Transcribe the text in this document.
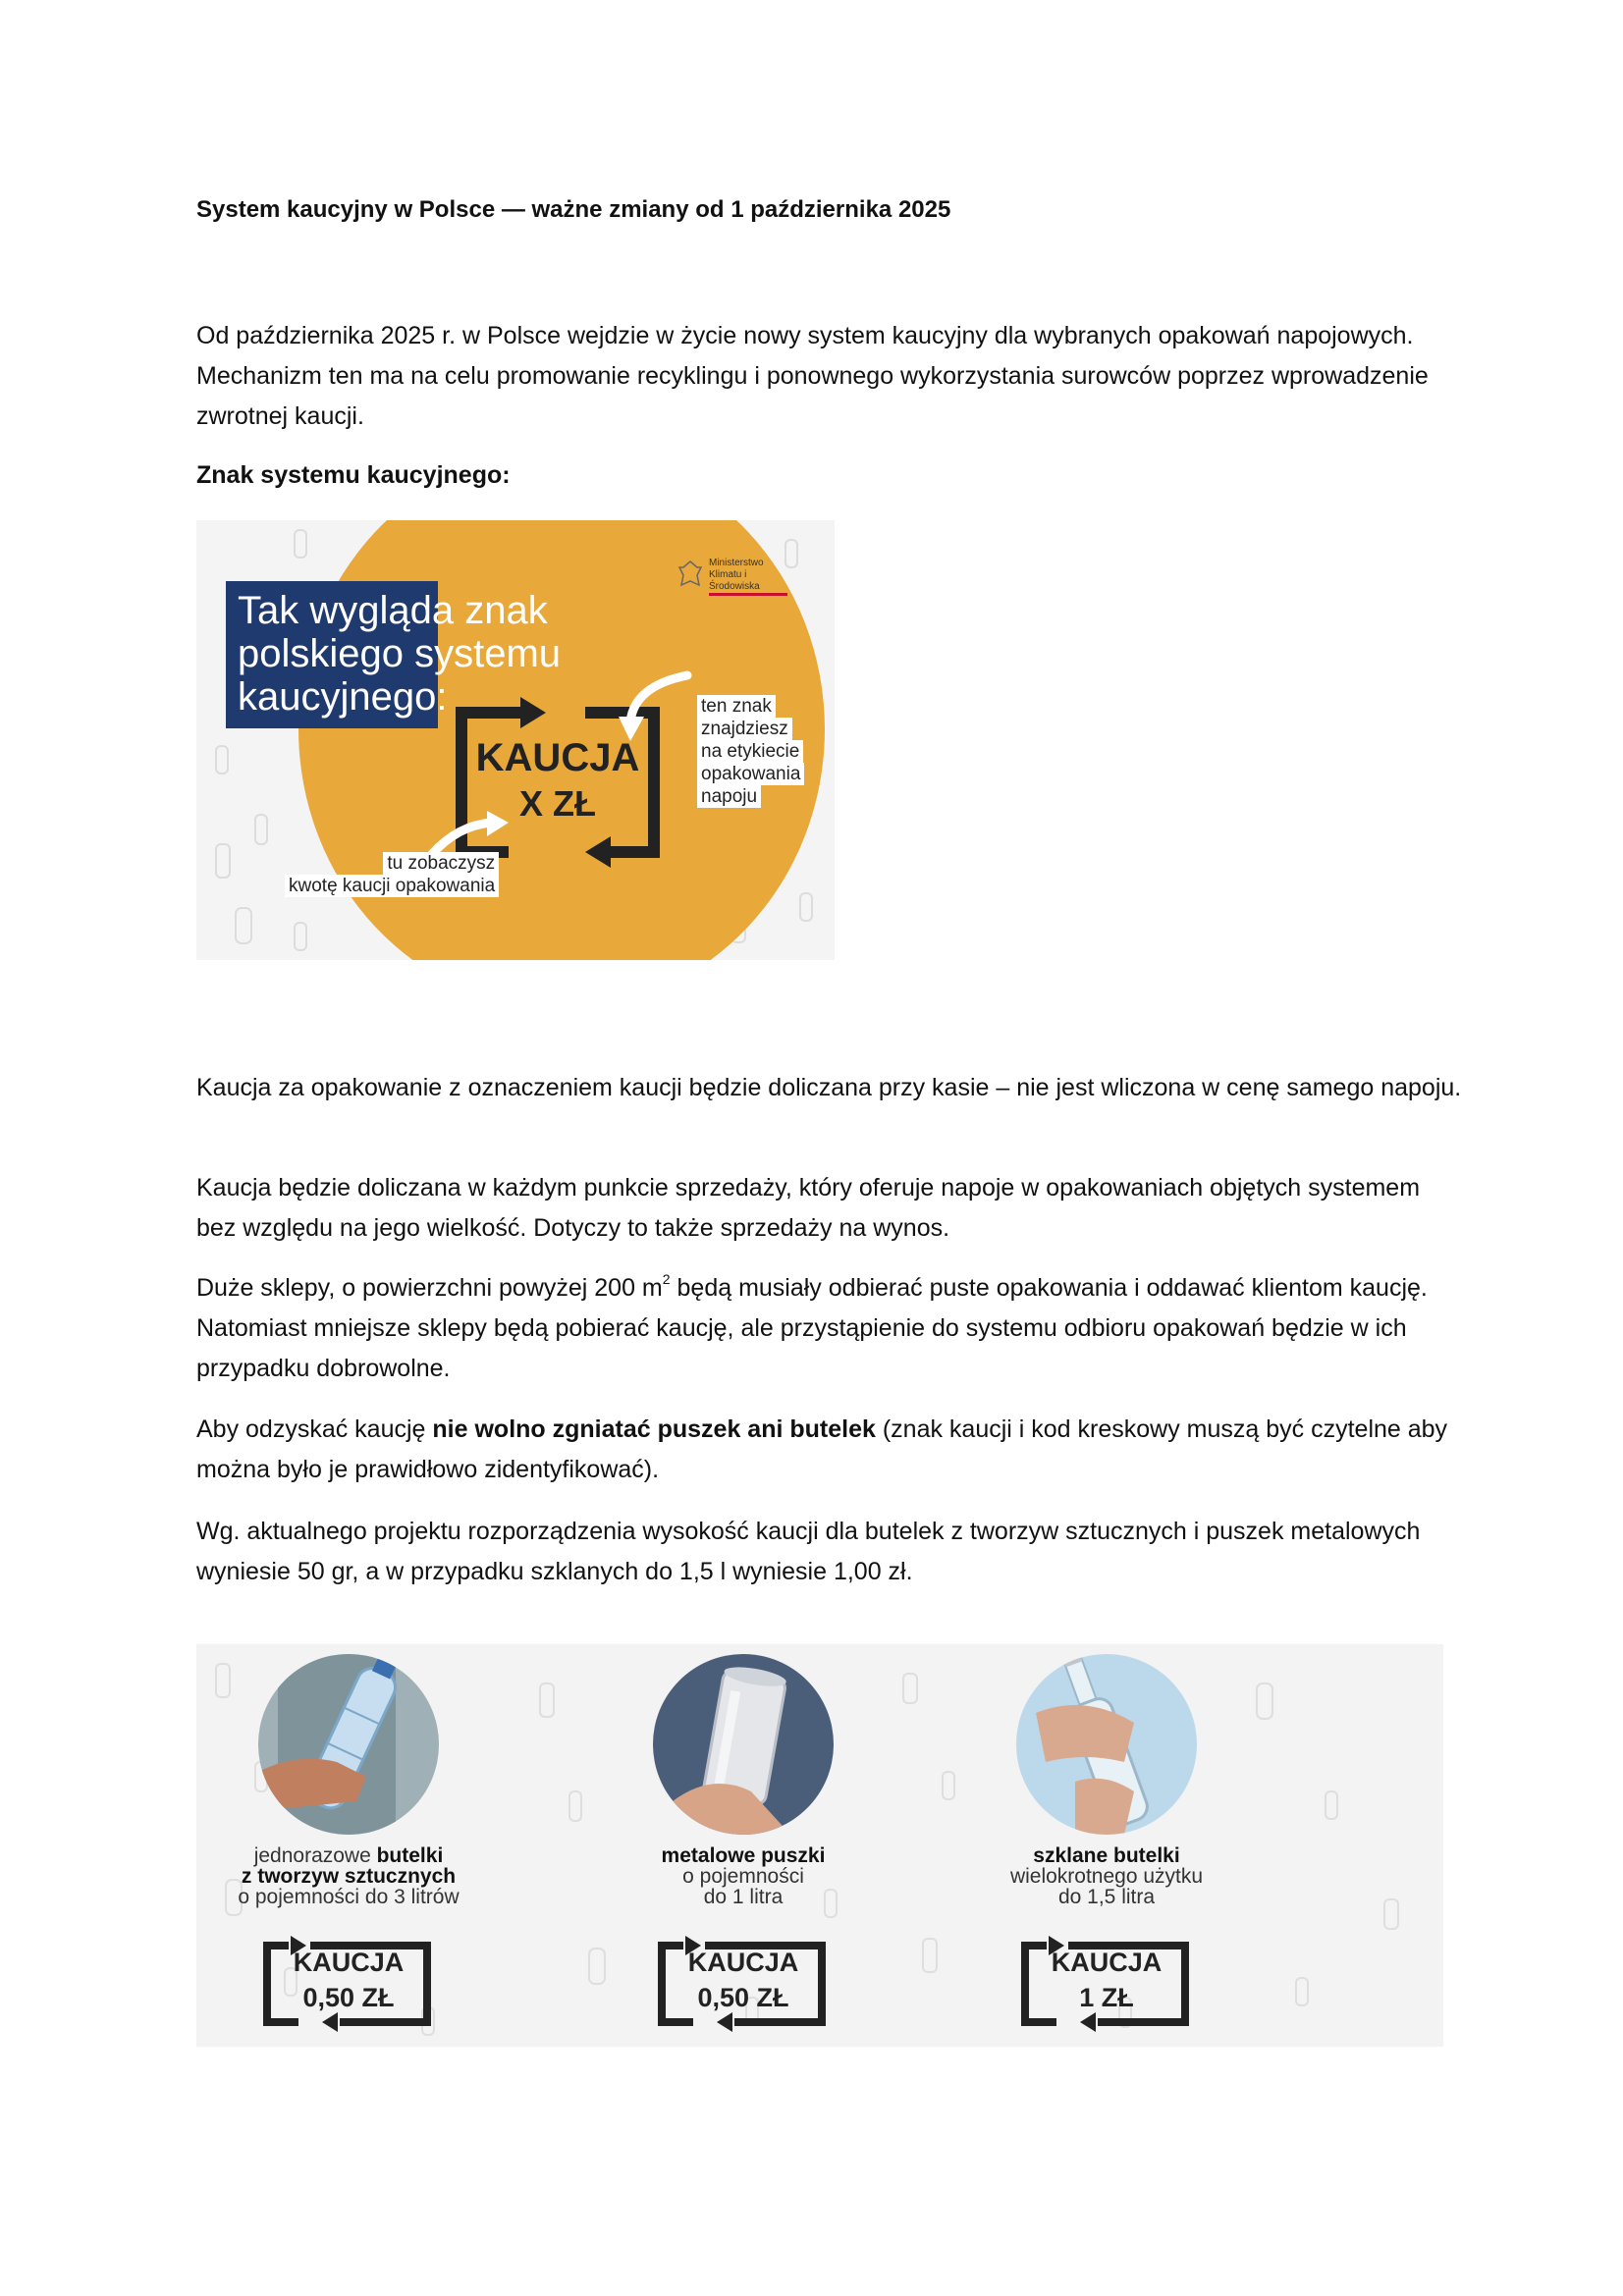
System kaucyjny w Polsce — ważne zmiany od 1 października 2025
Od października 2025 r. w Polsce wejdzie w życie nowy system kaucyjny dla wybranych opakowań napojowych. Mechanizm ten ma na celu promowanie recyklingu i ponownego wykorzystania surowców poprzez wprowadzenie zwrotnej kaucji.
Znak systemu kaucyjnego:
Tak wygląda znak
polskiego systemu
kaucyjnego:
Ministerstwo
Klimatu i Środowiska
KAUCJA
X ZŁ
ten znak
znajdziesz
na etykiecie
opakowania
napoju
tu zobaczysz
kwotę kaucji opakowania
Kaucja za opakowanie z oznaczeniem kaucji będzie doliczana przy kasie – nie jest wliczona w cenę samego napoju.
Kaucja będzie doliczana w każdym punkcie sprzedaży, który oferuje napoje w opakowaniach objętych systemem bez względu na jego wielkość. Dotyczy to także sprzedaży na wynos.
Duże sklepy, o powierzchni powyżej 200 $m^2$ będą musiały odbierać puste opakowania i oddawać klientom kaucję. Natomiast mniejsze sklepy będą pobierać kaucję, ale przystąpienie do systemu odbioru opakowań będzie w ich przypadku dobrowolne.
Aby odzyskać kaucję nie wolno zgniatać puszek ani butelek (znak kaucji i kod kreskowy muszą być czytelne aby można było je prawidłowo zidentyfikować).
Wg. aktualnego projektu rozporządzenia wysokość kaucji dla butelek z tworzyw sztucznych i puszek metalowych wyniesie 50 gr, a w przypadku szklanych do 1,5 l wyniesie 1,00 zł.
jednorazowe butelki
z tworzyw sztucznych
o pojemności do 3 litrów
KAUCJA
0,50 ZŁ
metalowe puszki
o pojemności
do 1 litra
KAUCJA
0,50 ZŁ
szklane butelki
wielokrotnego użytku
do 1,5 litra
KAUCJA
1 ZŁ
